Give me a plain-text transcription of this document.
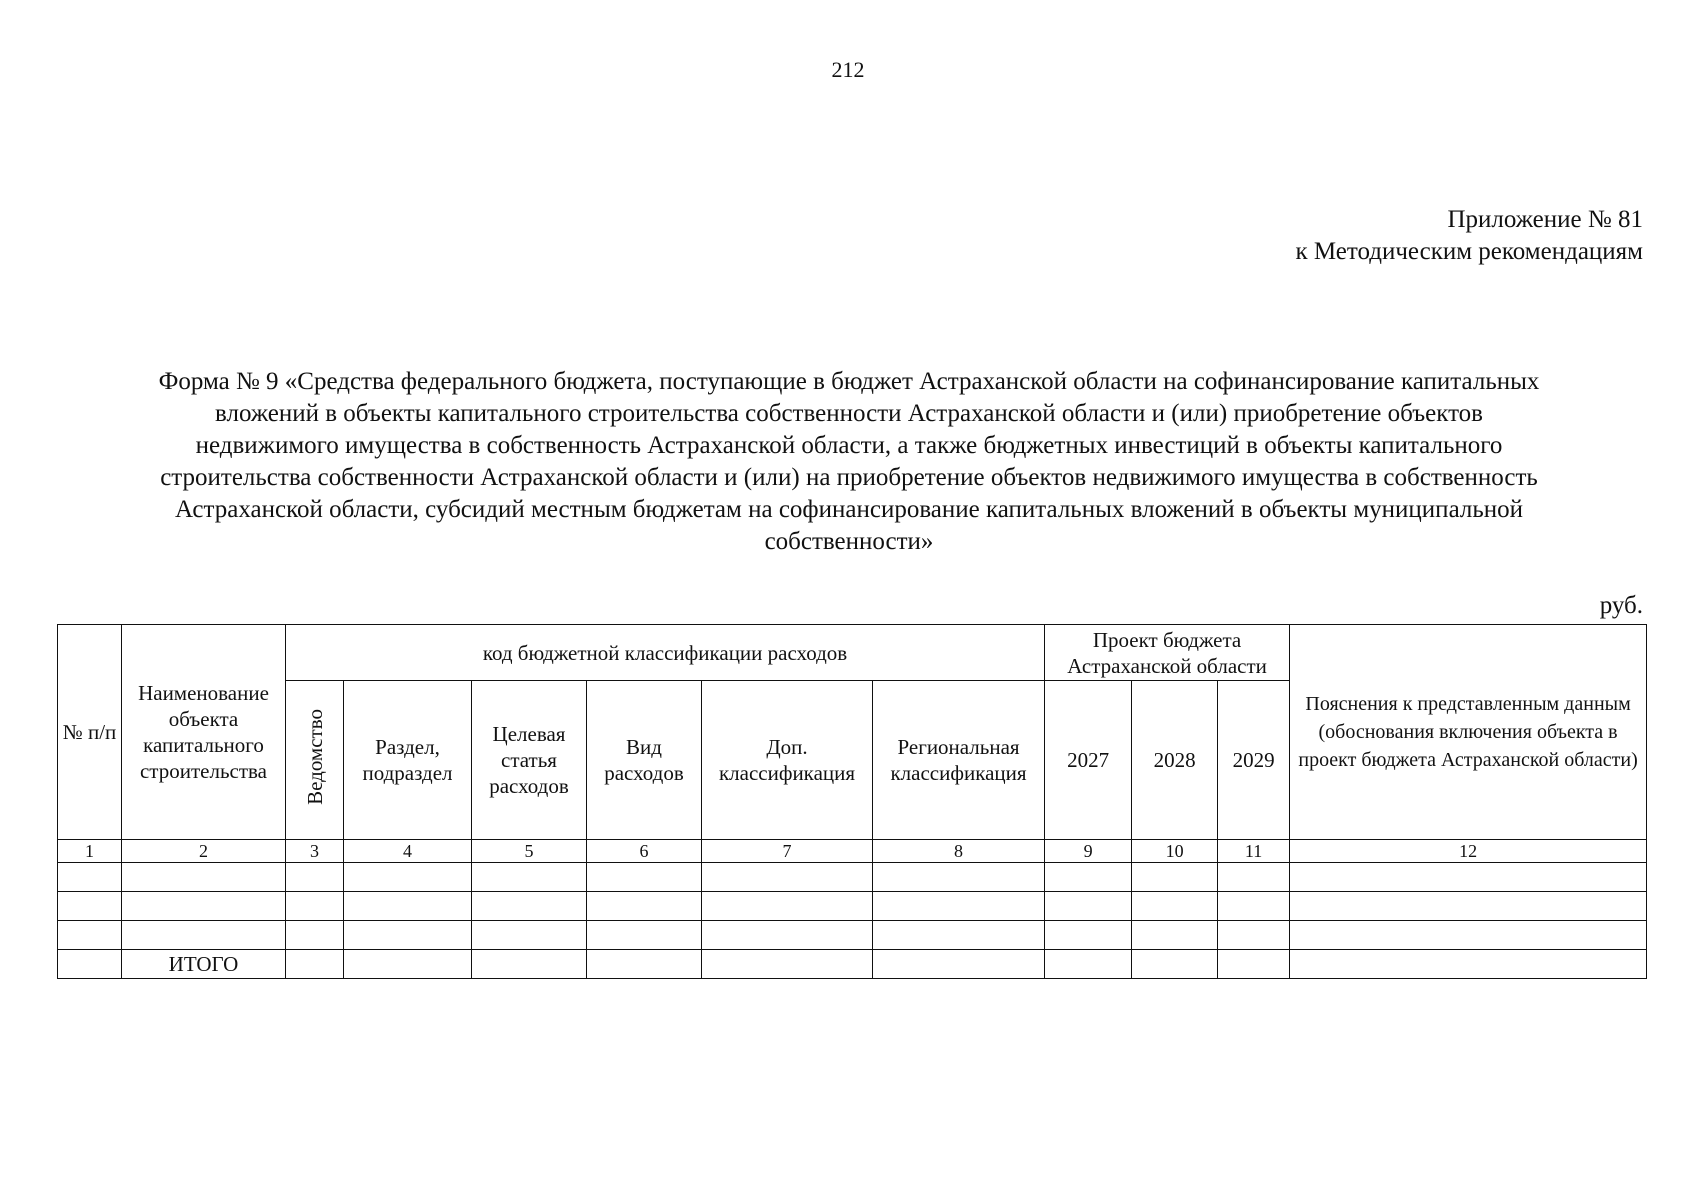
212
Приложение № 81
к Методическим рекомендациям
Форма № 9 «Средства федерального бюджета, поступающие в бюджет Астраханской области на софинансирование капитальных
вложений в объекты капитального строительства собственности Астраханской области и (или) приобретение объектов
недвижимого имущества в собственность Астраханской области, а также бюджетных инвестиций в объекты капитального
строительства собственности Астраханской области и (или) на приобретение объектов недвижимого имущества в собственность
Астраханской области, субсидий местным бюджетам на софинансирование капитальных вложений в объекты муниципальной
собственности»
руб.
№ п/п	Наименование объекта капитального строительства	код бюджетной классификации расходов						Проект бюджета Астраханской области			Пояснения к представленным данным (обоснования включения объекта в проект бюджета Астраханской области)
		Ведомство	Раздел, подраздел	Целевая статья расходов	Вид расходов	Доп. классификация	Региональная классификация	2027	2028	2029	
1	2	3	4	5	6	7	8	9	10	11	12

	ИТОГО										
